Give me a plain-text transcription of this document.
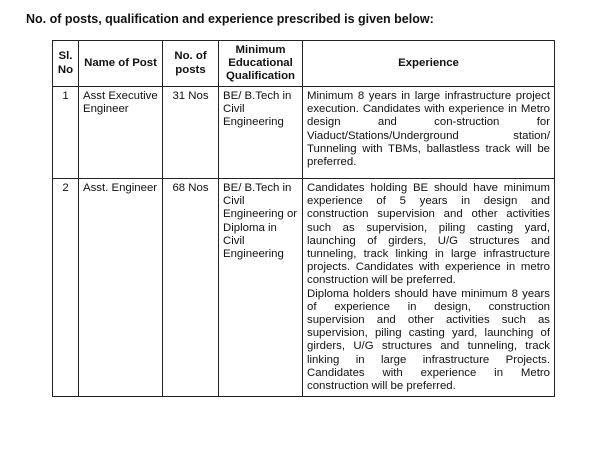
No. of posts, qualification and experience prescribed is given below:
Sl. No	Name of Post	No. of posts	Minimum Educational Qualification	Experience
1	Asst Executive Engineer	31 Nos	BE/ B.Tech in Civil Engineering	Minimum 8 years in large infrastructure project execution. Candidates with experience in Metro design and con-struction for Viaduct/Stations/Underground station/ Tunneling with TBMs, ballastless track will be preferred.

2	Asst. Engineer	68 Nos	BE/ B.Tech in Civil Engineering or Diploma in Civil Engineering	Candidates holding BE should have minimum experience of 5 years in design and construction supervision and other activities such as supervision, piling casting yard, launching of girders, U/G structures and tunneling, track linking in large infrastructure projects. Candidates with experience in metro construction will be preferred.

Diploma holders should have minimum 8 years of experience in design, construction supervision and other activities such as supervision, piling casting yard, launching of girders, U/G structures and tunneling, track linking in large infrastructure Projects. Candidates with experience in Metro construction will be preferred.
